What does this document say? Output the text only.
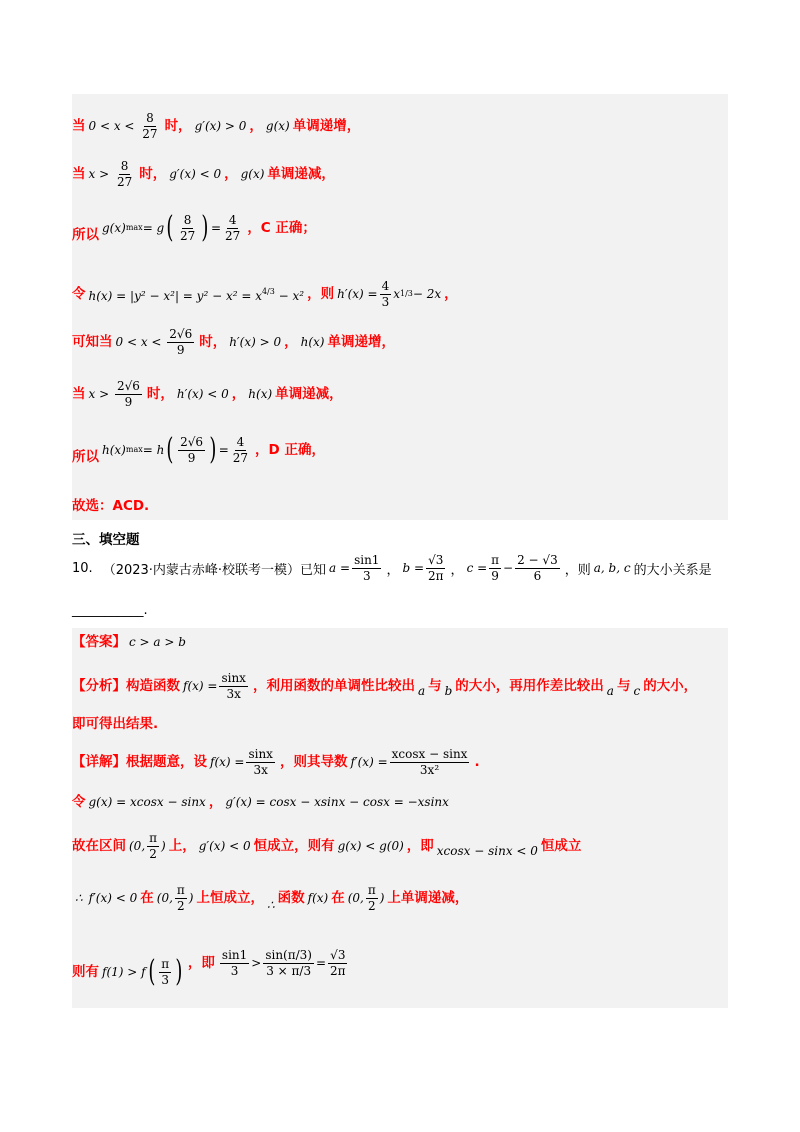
当 $0 < x < \frac{8}{27}$ 时， g′(x) > 0 ， g(x) 单调递增，
当 $x > \frac{8}{27}$ 时， g′(x) < 0 ， g(x) 单调递减，
所以 g(x) max = g ( $\frac{8}{27}$ ) = $\frac{4}{27}$ ，C 正确；
令 $h(x) = |y^2 - x^2| = y^2 - x^2 = x^{4/3} - x^2$ ，则 $h'(x) = \frac{4}{3}$ x 1/3 − 2x ，
可知当 $0 < x < \frac{2√6}{9}$ 时， h′(x) > 0 ， h(x) 单调递增，
当 $x > \frac{2√6}{9}$ 时， h′(x) < 0 ， h(x) 单调递减，
所以 h(x) max = h ( $\frac{2√6}{9}$ ) = $\frac{4}{27}$ ，D 正确，
故选：ACD.
三、填空题
10. （2023·内蒙古赤峰·校联考一模）已知 $a = \frac{\sin 1}{3}$ ， $b = \frac{√3}{2\pi}$ ， $c = \frac{\pi}{9} - \frac{2 - √3}{6}$ ，则 a, b, c 的大小关系是
___________.
【答案】 c > a > b
【分析】构造函数 $f(x) = \frac{\sin x}{3x}$ ，利用函数的单调性比较出 a 与 b 的大小，再用作差比较出 a 与 c 的大小，
即可得出结果.
【详解】根据题意，设 $f(x) = \frac{\sin x}{3x}$ ，则其导数 $f'(x) = \frac{xcosx - \sin x}{\text{3x²}}$ .
令 g(x) = xcosx − sinx ， g′(x) = cosx − xsinx − cosx = −xsinx
故在区间 (0, $\frac{\pi}{2}$ ) 上， g′(x) < 0 恒成立，则有 g(x) < g(0) ，即 xcosx − sinx < 0 恒成立
∴ f′(x) < 0 在 (0, $\frac{\pi}{2}$ ) 上恒成立， ∴ 函数 f(x) 在 (0, $\frac{\pi}{2}$ ) 上单调递减，
则有 f(1) > f ( $\frac{\pi}{3}$ ) ，即 $\frac{\sin 1}{3} > \frac{\sin(\pi/3)}{3 \times \pi/3} = \frac{√3}{2\pi}$
